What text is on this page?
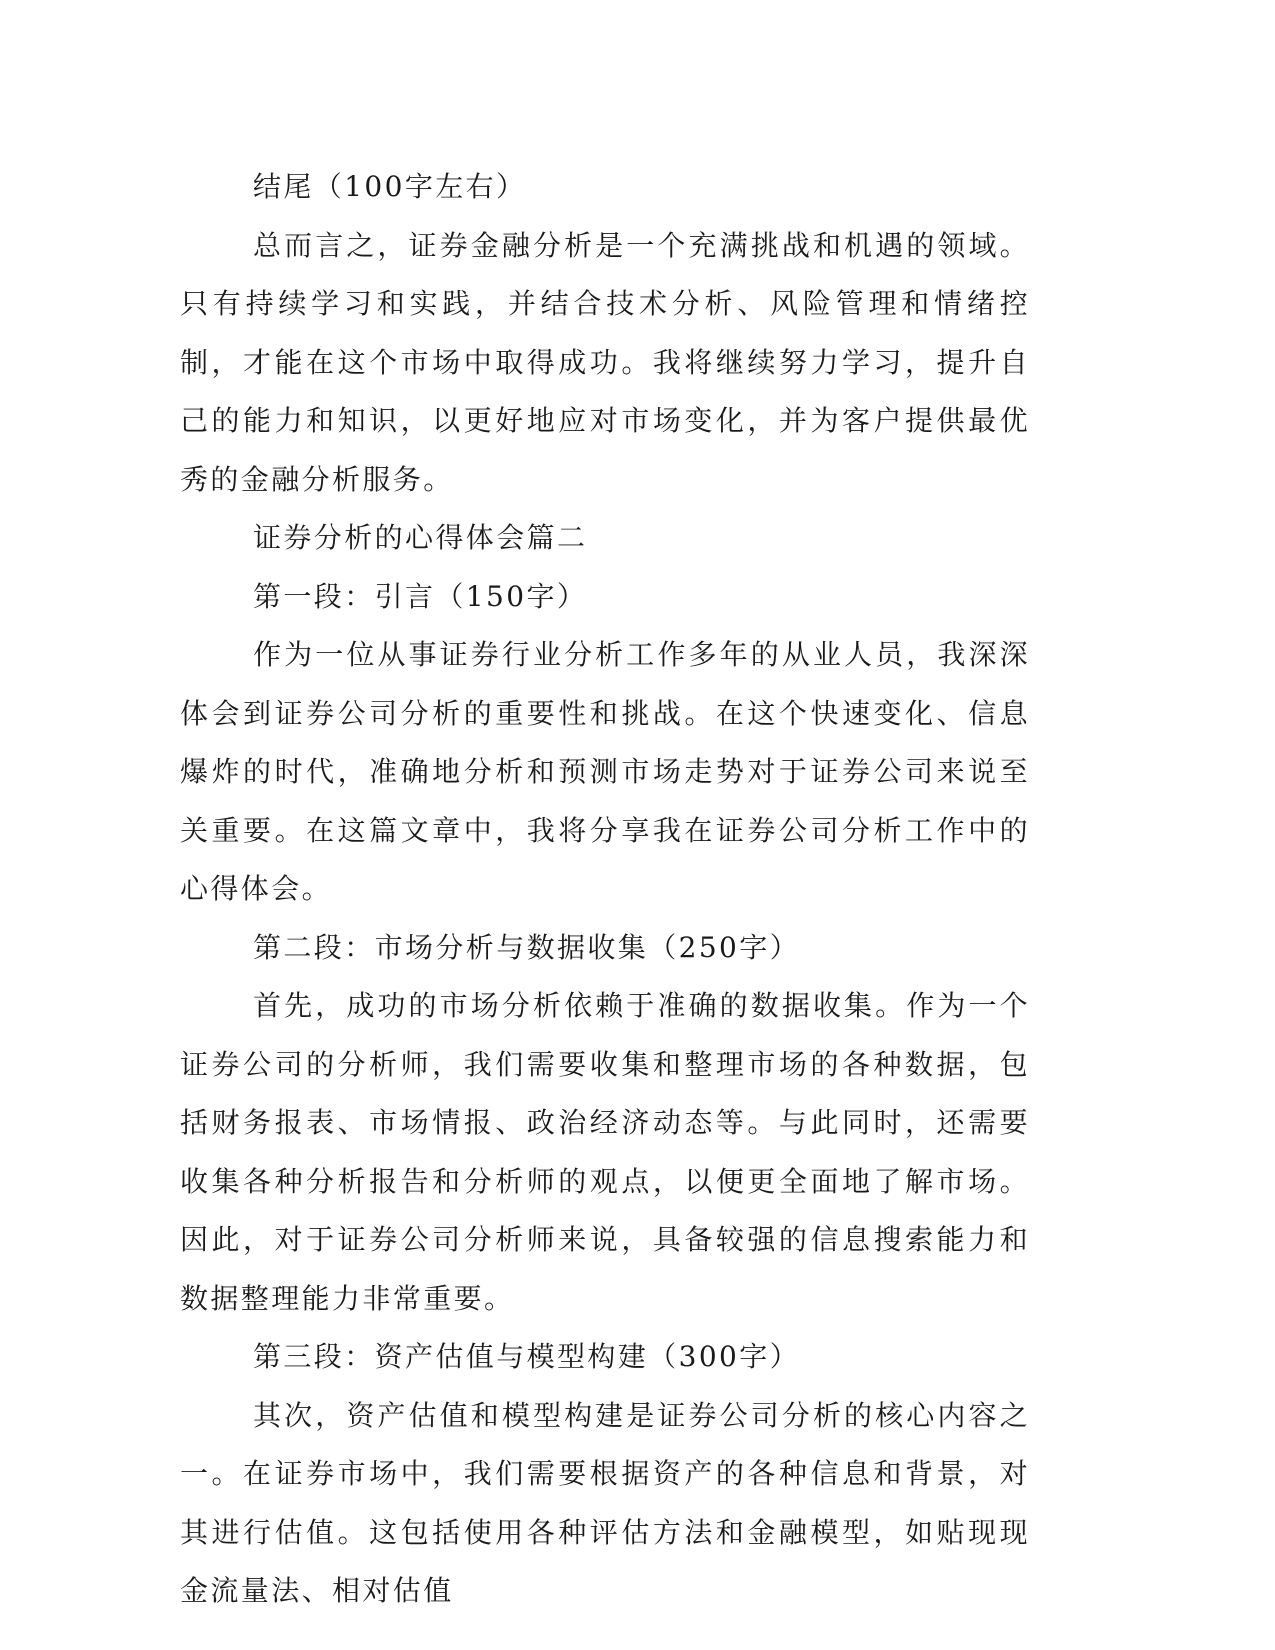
结尾（100字左右）

总而言之，证券金融分析是一个充满挑战和机遇的领域。只有持续学习和实践，并结合技术分析、风险管理和情绪控制，才能在这个市场中取得成功。我将继续努力学习，提升自己的能力和知识，以更好地应对市场变化，并为客户提供最优秀的金融分析服务。

证券分析的心得体会篇二

第一段：引言（150字）

作为一位从事证券行业分析工作多年的从业人员，我深深体会到证券公司分析的重要性和挑战。在这个快速变化、信息爆炸的时代，准确地分析和预测市场走势对于证券公司来说至关重要。在这篇文章中，我将分享我在证券公司分析工作中的心得体会。

第二段：市场分析与数据收集（250字）

首先，成功的市场分析依赖于准确的数据收集。作为一个证券公司的分析师，我们需要收集和整理市场的各种数据，包括财务报表、市场情报、政治经济动态等。与此同时，还需要收集各种分析报告和分析师的观点，以便更全面地了解市场。因此，对于证券公司分析师来说，具备较强的信息搜索能力和数据整理能力非常重要。

第三段：资产估值与模型构建（300字）

其次，资产估值和模型构建是证券公司分析的核心内容之一。在证券市场中，我们需要根据资产的各种信息和背景，对其进行估值。这包括使用各种评估方法和金融模型，如贴现现金流量法、相对估值
